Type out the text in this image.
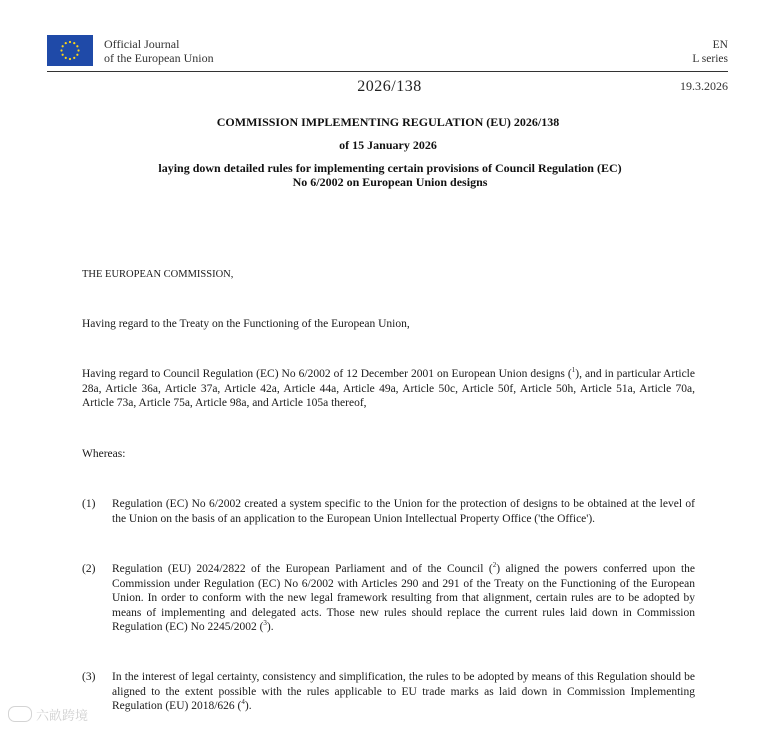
Official Journal
of the European Union
EN
L series
2026/138	19.3.2026
COMMISSION IMPLEMENTING REGULATION (EU) 2026/138
of 15 January 2026
laying down detailed rules for implementing certain provisions of Council Regulation (EC)
No 6/2002 on European Union designs
THE EUROPEAN COMMISSION,
Having regard to the Treaty on the Functioning of the European Union,
Having regard to Council Regulation (EC) No 6/2002 of 12 December 2001 on European Union designs ($^1$), and in particular Article 28a, Article 36a, Article 37a, Article 42a, Article 44a, Article 49a, Article 50c, Article 50f, Article 50h, Article 51a, Article 70a, Article 73a, Article 75a, Article 98a, and Article 105a thereof,
Whereas:
(1) Regulation (EC) No 6/2002 created a system specific to the Union for the protection of designs to be obtained at the level of the Union on the basis of an application to the European Union Intellectual Property Office ('the Office').
(2) Regulation (EU) 2024/2822 of the European Parliament and of the Council ($^2$) aligned the powers conferred upon the Commission under Regulation (EC) No 6/2002 with Articles 290 and 291 of the Treaty on the Functioning of the European Union. In order to conform with the new legal framework resulting from that alignment, certain rules are to be adopted by means of implementing and delegated acts. Those new rules should replace the current rules laid down in Commission Regulation (EC) No 2245/2002 ($^3$).
(3) In the interest of legal certainty, consistency and simplification, the rules to be adopted by means of this Regulation should be aligned to the extent possible with the rules applicable to EU trade marks as laid down in Commission Implementing Regulation (EU) 2018/626 ($^4$).
六畝跨境
